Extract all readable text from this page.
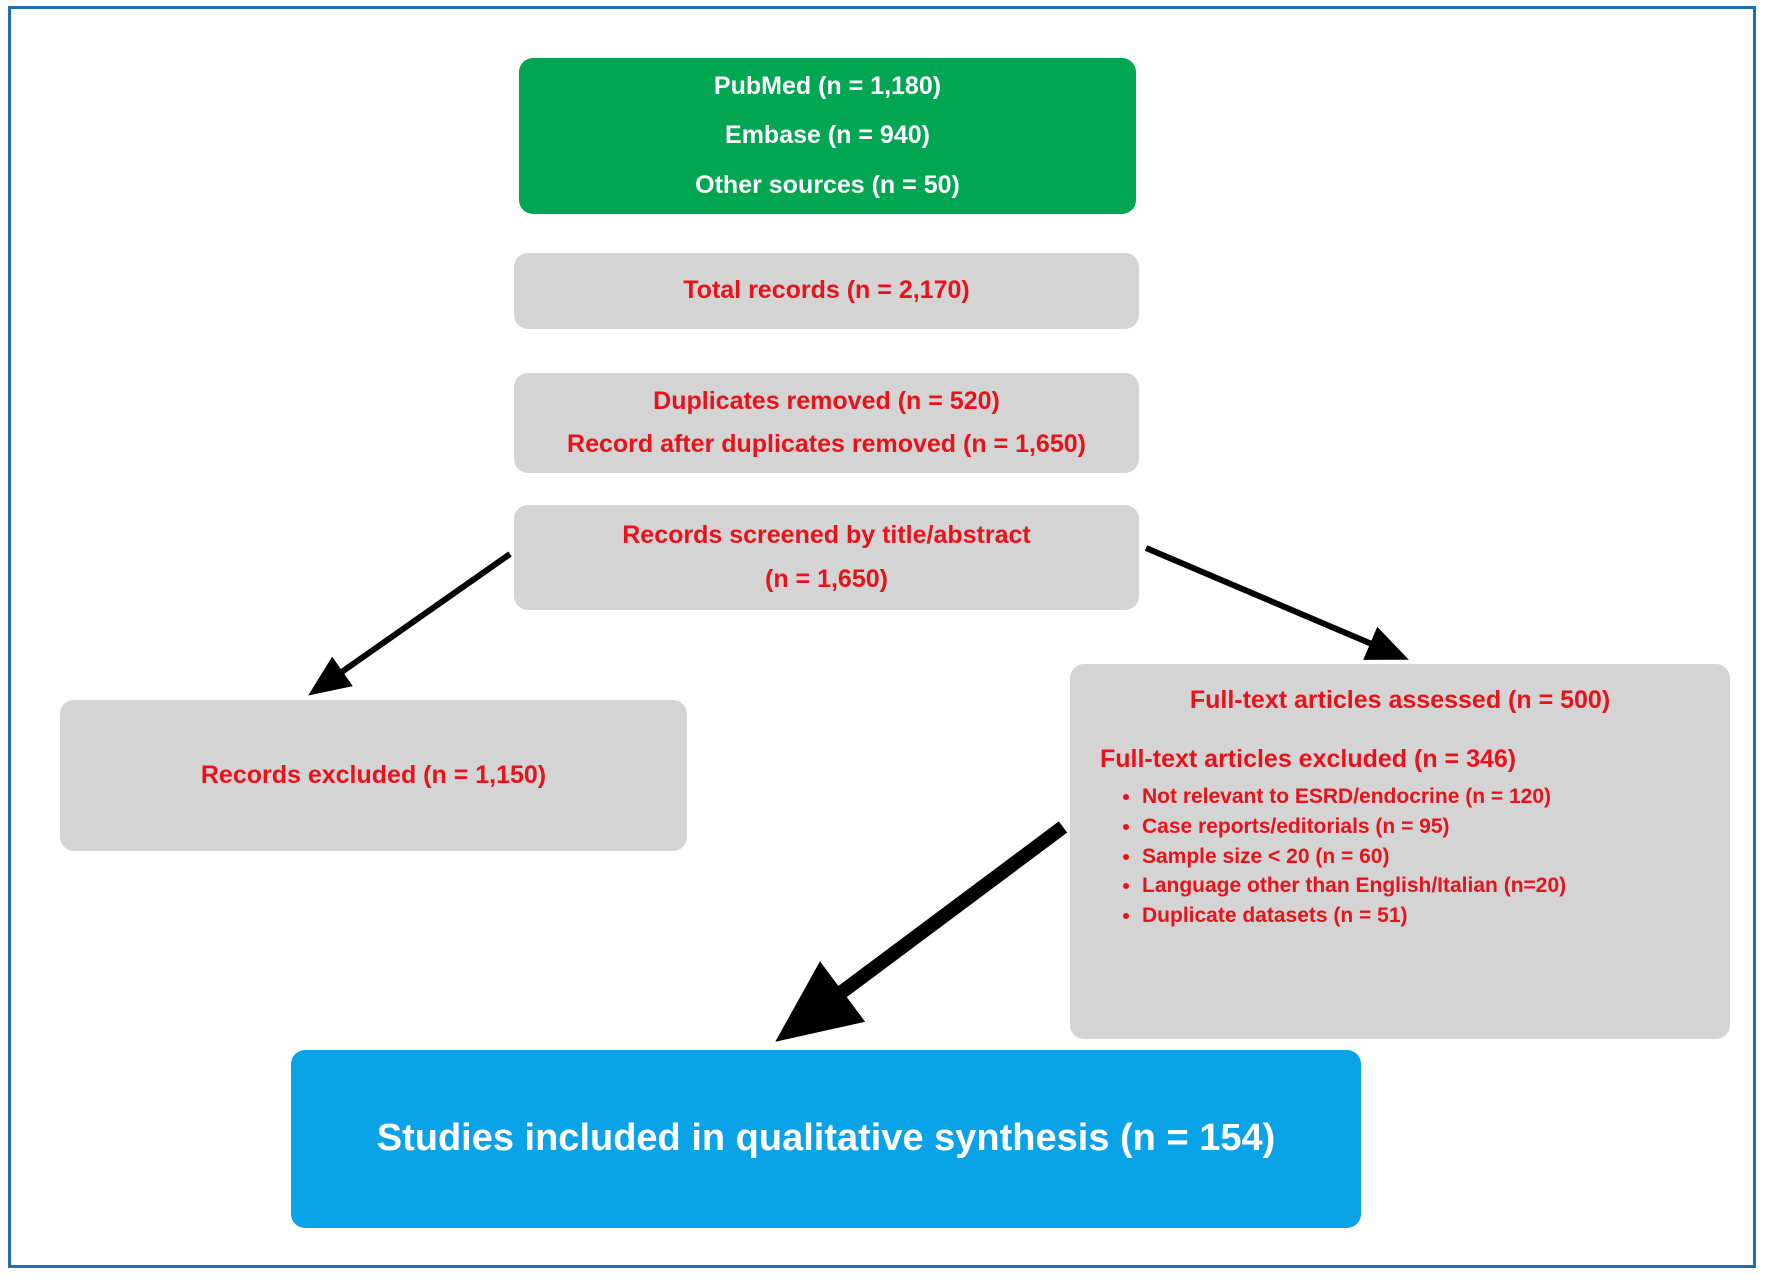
PubMed (n = 1,180)
Embase (n = 940)
Other sources (n = 50)
Total records (n = 2,170)
Duplicates removed (n = 520)
Record after duplicates removed (n = 1,650)
Records screened by title/abstract
(n = 1,650)
Records excluded (n = 1,150)
Full-text articles assessed (n = 500)
Full-text articles excluded (n = 346)
• Not relevant to ESRD/endocrine (n = 120)
• Case reports/editorials (n = 95)
• Sample size < 20 (n = 60)
• Language other than English/Italian (n=20)
• Duplicate datasets (n = 51)
Studies included in qualitative synthesis (n = 154)
